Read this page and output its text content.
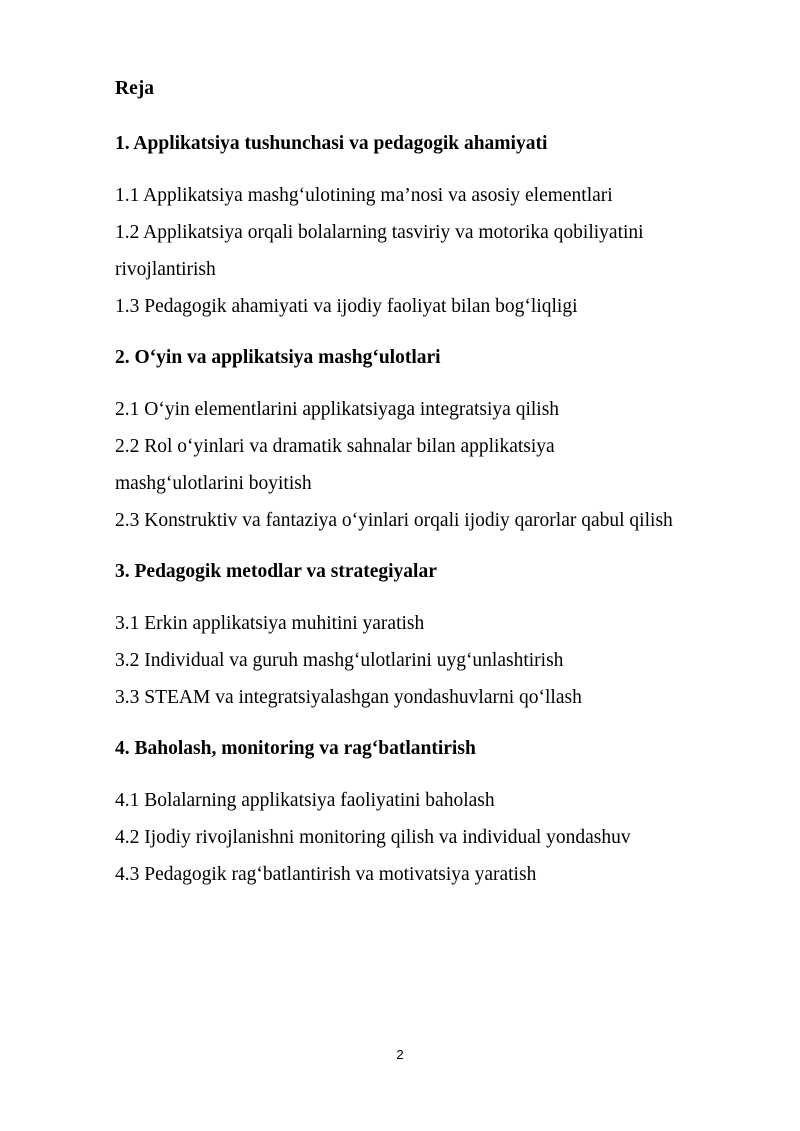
Reja
1. Applikatsiya tushunchasi va pedagogik ahamiyati

1.1 Applikatsiya mashg‘ulotining ma’nosi va asosiy elementlari

1.2 Applikatsiya orqali bolalarning tasviriy va motorika qobiliyatini

rivojlantirish

1.3 Pedagogik ahamiyati va ijodiy faoliyat bilan bog‘liqligi

2. O‘yin va applikatsiya mashg‘ulotlari

2.1 O‘yin elementlarini applikatsiyaga integratsiya qilish

2.2 Rol o‘yinlari va dramatik sahnalar bilan applikatsiya

mashg‘ulotlarini boyitish

2.3 Konstruktiv va fantaziya o‘yinlari orqali ijodiy qarorlar qabul qilish

3. Pedagogik metodlar va strategiyalar

3.1 Erkin applikatsiya muhitini yaratish

3.2 Individual va guruh mashg‘ulotlarini uyg‘unlashtirish

3.3 STEAM va integratsiyalashgan yondashuvlarni qo‘llash

4. Baholash, monitoring va rag‘batlantirish

4.1 Bolalarning applikatsiya faoliyatini baholash

4.2 Ijodiy rivojlanishni monitoring qilish va individual yondashuv

4.3 Pedagogik rag‘batlantirish va motivatsiya yaratish

2
